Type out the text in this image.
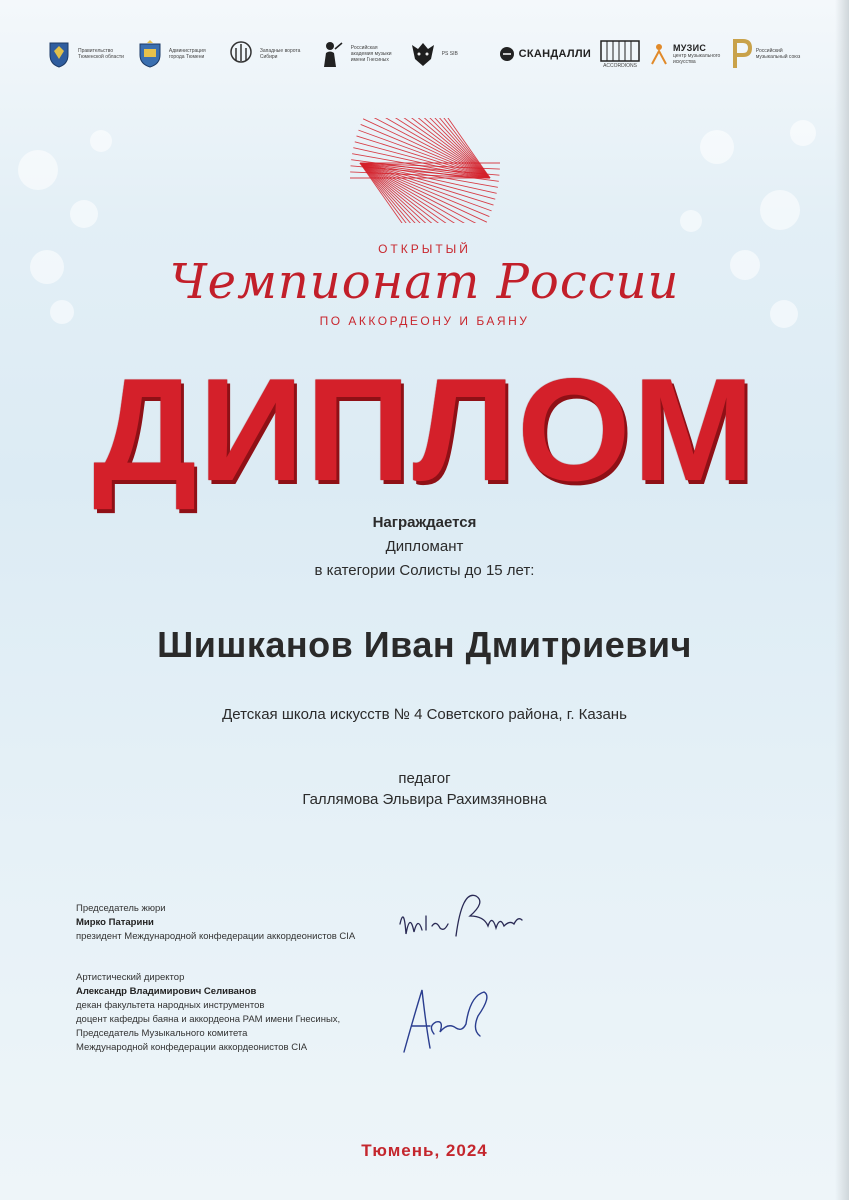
Правительство Тюменской области
Администрация города Тюмени
Западные ворота Сибири
Российская академия музыки имени Гнесиных
PS SIB	СКАНДАЛЛИ
ACCORDIONS
МУЗИС
центр музыкального искусства
Российский музыкальный союз
ОТКРЫТЫЙ
Чемпионат России
ПО АККОРДЕОНУ И БАЯНУ
ДИПЛОМ
Награждается
Дипломант
в категории Солисты до 15 лет:
Шишканов Иван Дмитриевич
Детская школа искусств № 4 Советского района, г. Казань
педагог
Галлямова Эльвира Рахимзяновна
Председатель жюри
Мирко Патарини
президент Международной конфедерации аккордеонистов CIA
Артистический директор
Александр Владимирович Селиванов
декан факультета народных инструментов
доцент кафедры баяна и аккордеона РАМ имени Гнесиных,
Председатель Музыкального комитета
Международной конфедерации аккордеонистов CIA
Тюмень, 2024
